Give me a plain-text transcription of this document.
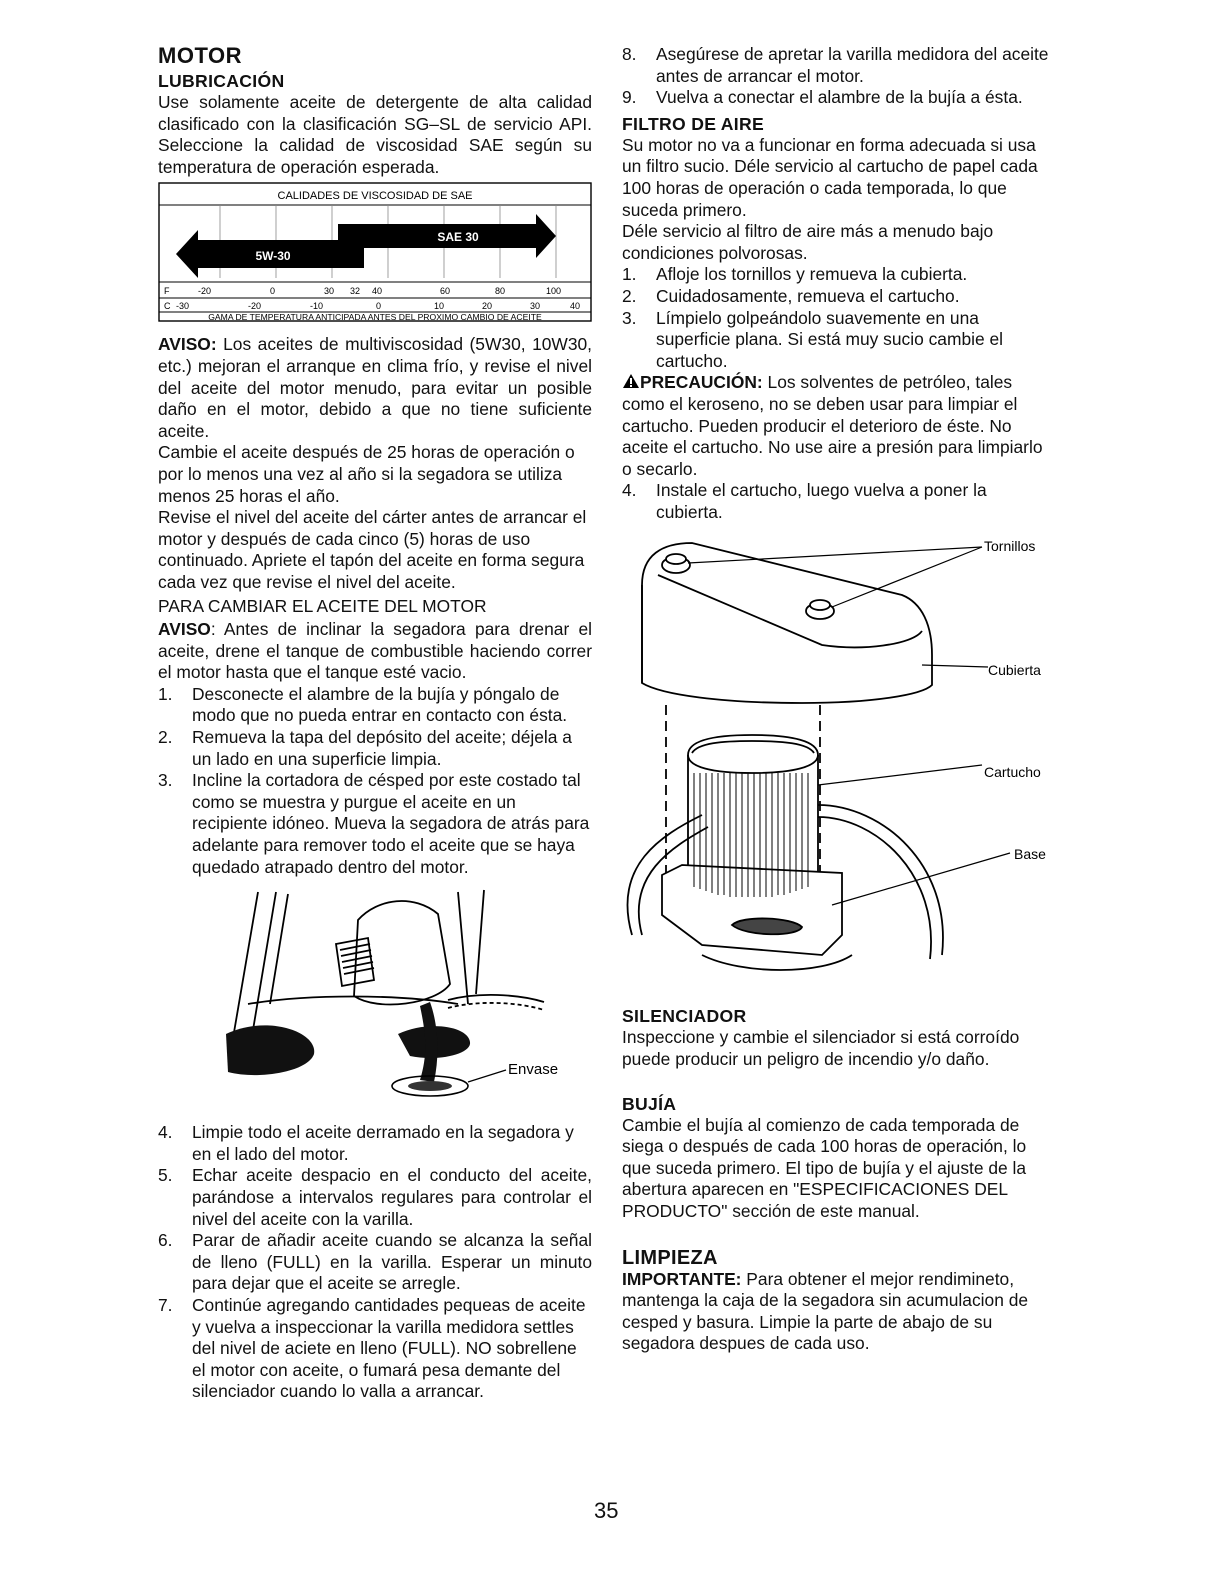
MOTOR
LUBRICACIÓN

Use solamente aceite de detergente de alta calidad clasificado con la clasificación SG–SL de servicio API. Seleccione la calidad de viscosidad SAE según su temperatura de operación esperada.

CALIDADES DE VISCOSIDAD DE SAE
SAE 30
5W-30
F	-20	0	30 32 40	60	80	100
C -30	-20	-10	0	10	20	30	40
GAMA DE TEMPERATURA ANTICIPADA ANTES DEL PROXIMO CAMBIO DE ACEITE

AVISO: Los aceites de multiviscosidad (5W30, 10W30, etc.) mejoran el arranque en clima frío, y revise el nivel del aceite del motor menudo, para evitar un posible daño en el motor, debido a que no tiene suficiente aceite.

Cambie el aceite después de 25 horas de operación o por lo menos una vez al año si la segadora se utiliza menos 25 horas el año.

Revise el nivel del aceite del cárter antes de arrancar el motor y después de cada cinco (5) horas de uso continuado. Apriete el tapón del aceite en forma segura cada vez que revise el nivel del aceite.

PARA CAMBIAR EL ACEITE DEL MOTOR

AVISO: Antes de inclinar la segadora para drenar el aceite, drene el tanque de combustible haciendo correr el motor hasta que el tanque esté vacio.

1. Desconecte el alambre de la bujía y póngalo de modo que no pueda entrar en contacto con ésta.
2. Remueva la tapa del depósito del aceite; déjela a un lado en una superficie limpia.
3. Incline la cortadora de césped por este costado tal como se muestra y purgue el aceite en un recipiente idóneo. Mueva la segadora de atrás para adelante para remover todo el aceite que se haya quedado atrapado dentro del motor.
Envase
4. Limpie todo el aceite derramado en la segadora y en el lado del motor.
5. Echar aceite despacio en el conducto del aceite, parándose a intervalos regulares para controlar el nivel del aceite con la varilla.
6. Parar de añadir aceite cuando se alcanza la señal de lleno (FULL) en la varilla. Esperar un minuto para dejar que el aceite se arregle.
7. Continúe agregando cantidades pequeas de aceite y vuelva a inspeccionar la varilla medidora settles del nivel de aciete en lleno (FULL). NO sobrellene el motor con aceite, o fumará pesa demante del silenciador cuando lo valla a arrancar.
8. Asegúrese de apretar la varilla medidora del aceite antes de arrancar el motor.
9. Vuelva a conectar el alambre de la bujía a ésta.
FILTRO DE AIRE

Su motor no va a funcionar en forma adecuada si usa un filtro sucio. Déle servicio al cartucho de papel cada 100 horas de operación o cada temporada, lo que suceda primero.

Déle servicio al filtro de aire más a menudo bajo condiciones polvorosas.

1. Afloje los tornillos y remueva la cubierta.
2. Cuidadosamente, remueva el cartucho.
3. Límpielo golpeándolo suavemente en una superficie plana. Si está muy sucio cambie el cartucho.

PRECAUCIÓN: Los solventes de petróleo, tales como el keroseno, no se deben usar para limpiar el cartucho. Pueden producir el deterioro de éste. No aceite el cartucho. No use aire a presión para limpiarlo o secarlo.

4. Instale el cartucho, luego vuelva a poner la cubierta.
Tornillos
Cubierta
Cartucho
Base
SILENCIADOR

Inspeccione y cambie el silenciador si está corroído puede producir un peligro de incendio y/o daño.

BUJÍA

Cambie el bujía al comienzo de cada temporada de siega o después de cada 100 horas de operación, lo que suceda primero. El tipo de bujía y el ajuste de la abertura aparecen en "ESPECIFICACIONES DEL PRODUCTO" sección de este manual.

LIMPIEZA

IMPORTANTE: Para obtener el mejor rendimineto, mantenga la caja de la segadora sin acumulacion de cesped y basura. Limpie la parte de abajo de su segadora despues de cada uso.

35
